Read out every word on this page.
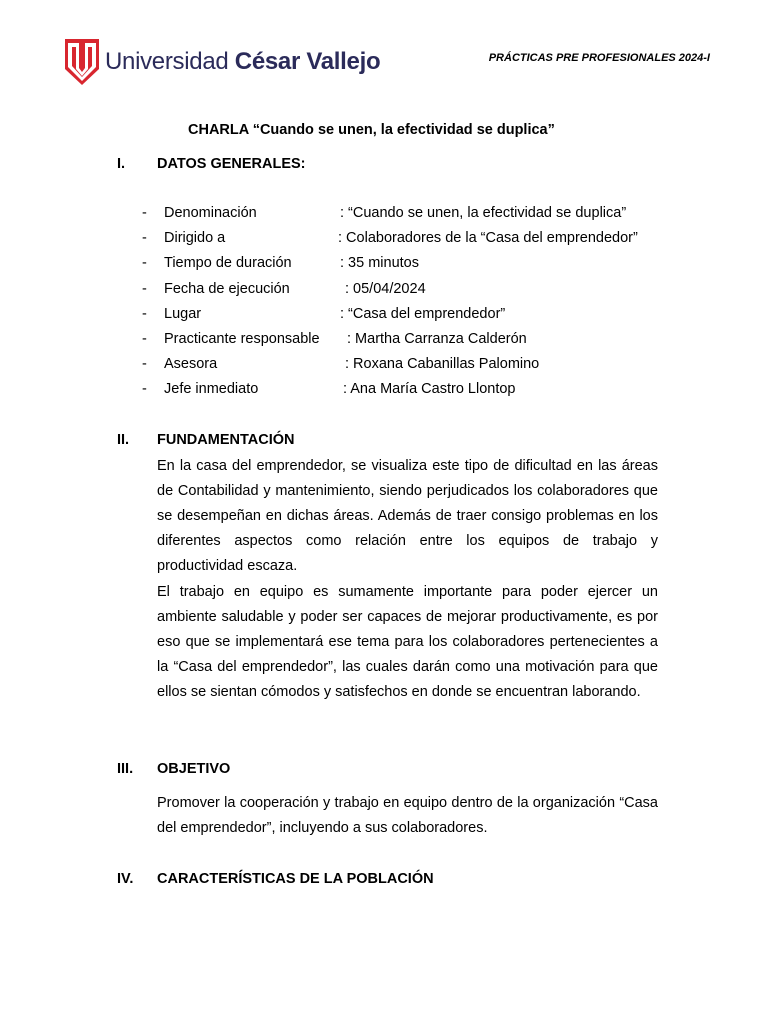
Universidad César Vallejo	PRÁCTICAS PRE PROFESIONALES 2024-I
CHARLA “Cuando se unen, la efectividad se duplica”
I. DATOS GENERALES:
- Denominación	: “Cuando se unen, la efectividad se duplica”
- Dirigido a	: Colaboradores de la “Casa del emprendedor”
- Tiempo de duración	: 35 minutos
- Fecha de ejecución	: 05/04/2024
- Lugar	: “Casa del emprendedor”
- Practicante responsable : Martha Carranza Calderón
- Asesora	: Roxana Cabanillas Palomino
- Jefe inmediato	: Ana María Castro Llontop
II. FUNDAMENTACIÓN

En la casa del emprendedor, se visualiza este tipo de dificultad en las áreas de Contabilidad y mantenimiento, siendo perjudicados los colaboradores que se desempeñan en dichas áreas. Además de traer consigo problemas en los diferentes aspectos como relación entre los equipos de trabajo y productividad escaza.

El trabajo en equipo es sumamente importante para poder ejercer un ambiente saludable y poder ser capaces de mejorar productivamente, es por eso que se implementará ese tema para los colaboradores pertenecientes a la “Casa del emprendedor”, las cuales darán como una motivación para que ellos se sientan cómodos y satisfechos en donde se encuentran laborando.

III. OBJETIVO

Promover la cooperación y trabajo en equipo dentro de la organización “Casa del emprendedor”, incluyendo a sus colaboradores.

IV. CARACTERÍSTICAS DE LA POBLACIÓN
